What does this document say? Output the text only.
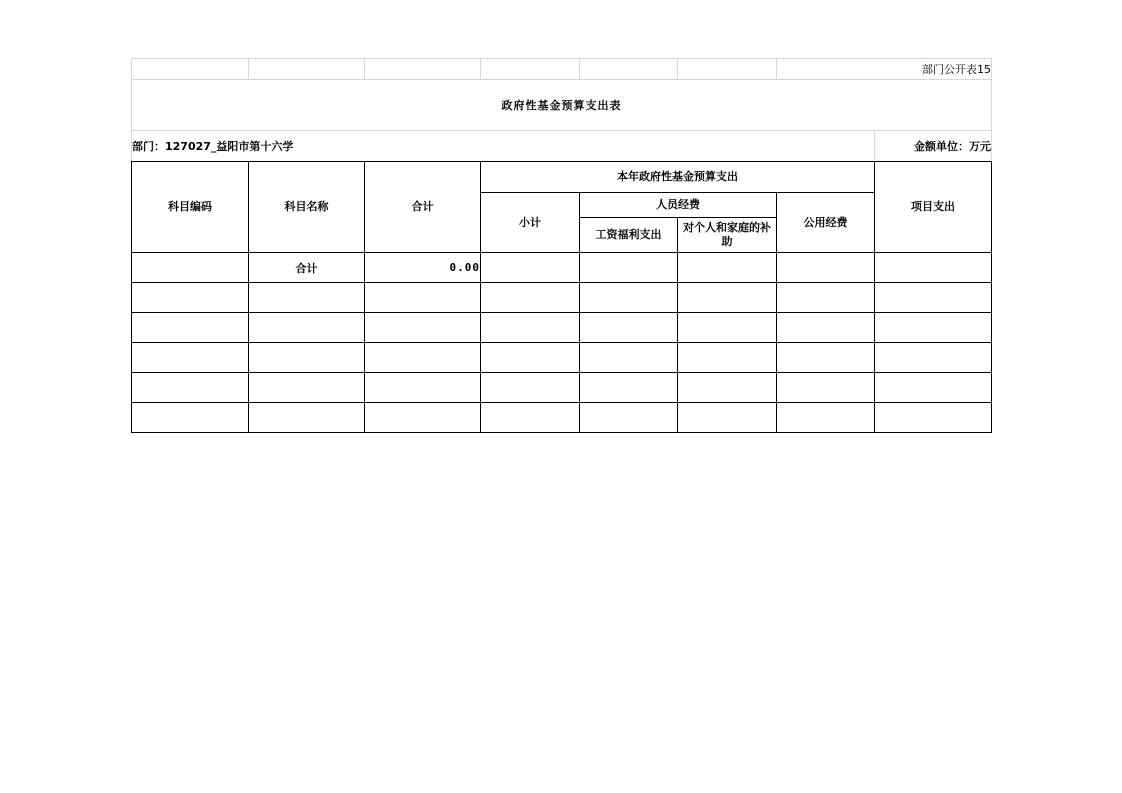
						部门公开表15	
政府性基金预算支出表							
部门：127027_益阳市第十六学							金额单位：万元
科目编码	科目名称	合计	本年政府性基金预算支出				项目支出
			小计	人员经费		公用经费	
				工资福利支出	对个人和家庭的补助		
	合计	0.00					
